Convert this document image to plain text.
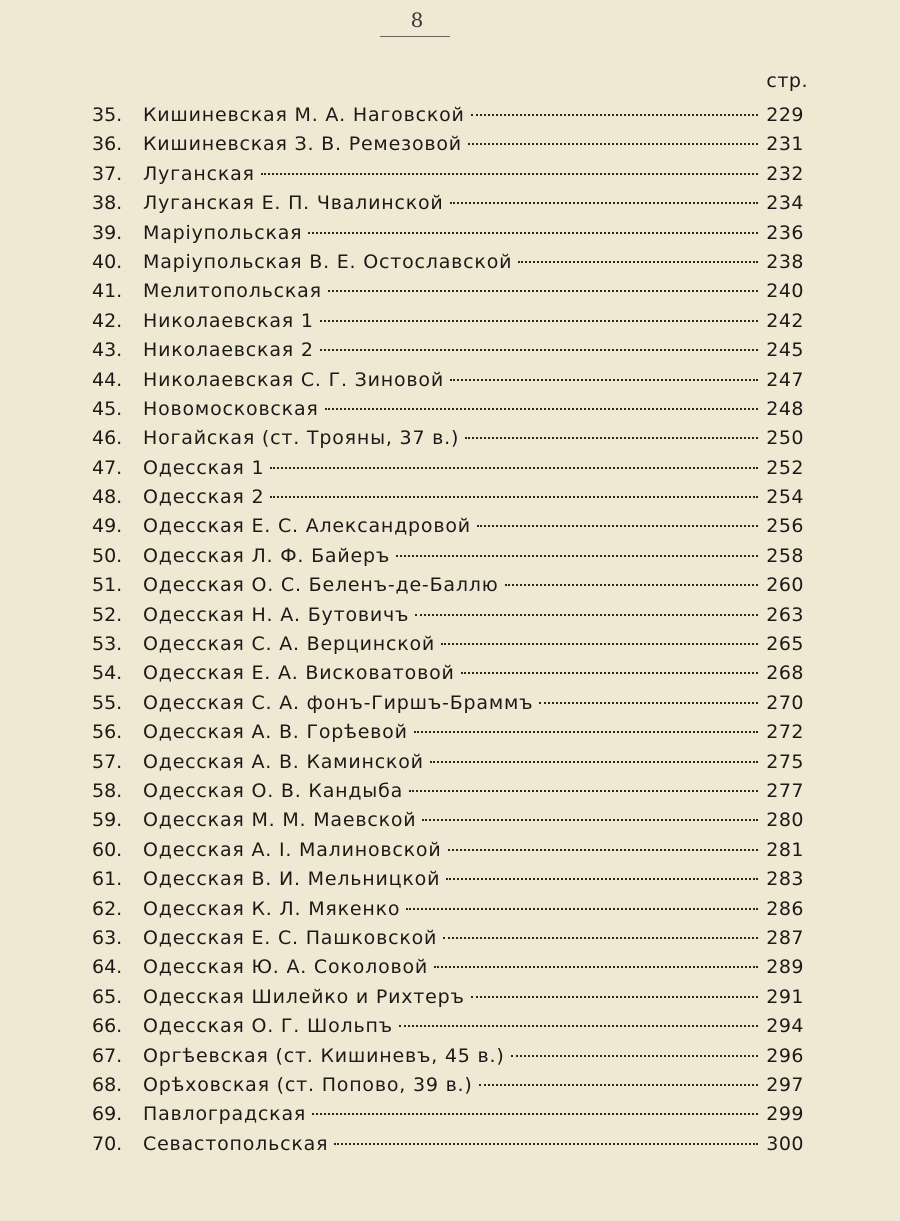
8
стр.
35.	Кишиневская М. А. Наговской	229
36.	Кишиневская З. В. Ремезовой	231
37.	Луганская	232
38.	Луганская Е. П. Чвалинской	234
39.	Маріупольская	236
40.	Маріупольская В. Е. Остославской	238
41.	Мелитопольская	240
42.	Николаевская 1	242
43.	Николаевская 2	245
44.	Николаевская С. Г. Зиновой	247
45.	Новомосковская	248
46.	Ногайская (ст. Трояны, 37 в.)	250
47.	Одесская 1	252
48.	Одесская 2	254
49.	Одесская Е. С. Александровой	256
50.	Одесская Л. Ф. Байеръ	258
51.	Одесская О. С. Беленъ-де-Баллю	260
52.	Одесская Н. А. Бутовичъ	263
53.	Одесская С. А. Верцинской	265
54.	Одесская Е. А. Висковатовой	268
55.	Одесская С. А. фонъ-Гиршъ-Браммъ	270
56.	Одесская А. В. Горѣевой	272
57.	Одесская А. В. Каминской	275
58.	Одесская О. В. Кандыба	277
59.	Одесская М. М. Маевской	280
60.	Одесская А. І. Малиновской	281
61.	Одесская В. И. Мельницкой	283
62.	Одесская К. Л. Мякенко	286
63.	Одесская Е. С. Пашковской	287
64.	Одесская Ю. А. Соколовой	289
65.	Одесская Шилейко и Рихтеръ	291
66.	Одесская О. Г. Шольпъ	294
67.	Оргѣевская (ст. Кишиневъ, 45 в.)	296
68.	Орѣховская (ст. Попово, 39 в.)	297
69.	Павлоградская	299
70.	Севастопольская	300
